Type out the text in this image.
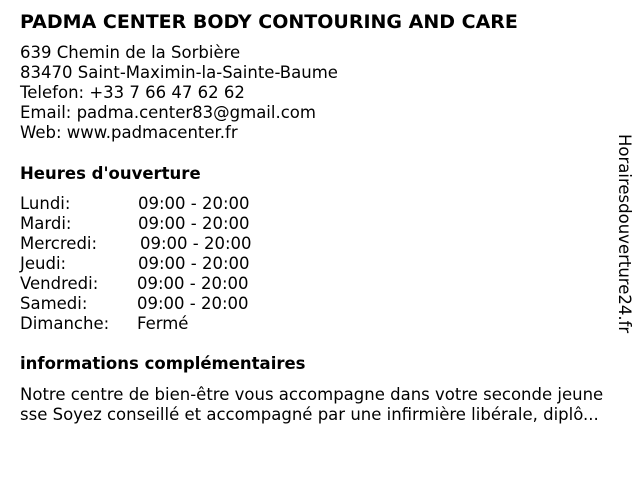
PADMA CENTER BODY CONTOURING AND CARE
639 Chemin de la Sorbière
83470 Saint-Maximin-la-Sainte-Baume
Telefon: +33 7 66 47 62 62
Email: padma.center83@gmail.com
Web: www.padmacenter.fr
Heures d'ouverture
Lundi:	09:00 - 20:00
Mardi:	09:00 - 20:00
Mercredi:	09:00 - 20:00
Jeudi:	09:00 - 20:00
Vendredi: 09:00 - 20:00
Samedi:	09:00 - 20:00
Dimanche: Fermé
informations complémentaires
Notre centre de bien-être vous accompagne dans votre seconde jeune
sse Soyez conseillé et accompagné par une infirmière libérale, diplô...
Horairesdouverture24.fr
